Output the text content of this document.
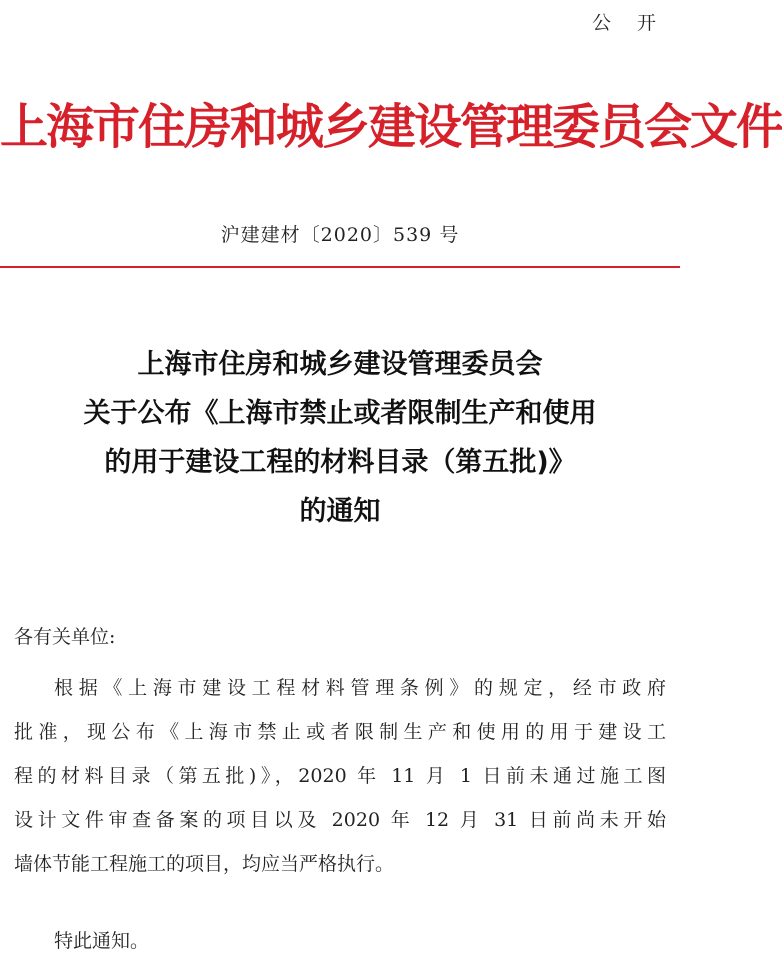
公 开
上海市住房和城乡建设管理委员会文件
沪建建材〔2020〕539 号
上海市住房和城乡建设管理委员会
关于公布《上海市禁止或者限制生产和使用
的用于建设工程的材料目录（第五批)》
的通知
各有关单位:
根据《上海市建设工程材料管理条例》的规定，经市政府
批准，现公布《上海市禁止或者限制生产和使用的用于建设工
程的材料目录（第五批)》，2020 年 11 月 1 日前未通过施工图
设计文件审查备案的项目以及 2020 年 12 月 31 日前尚未开始
墙体节能工程施工的项目，均应当严格执行。
特此通知。
